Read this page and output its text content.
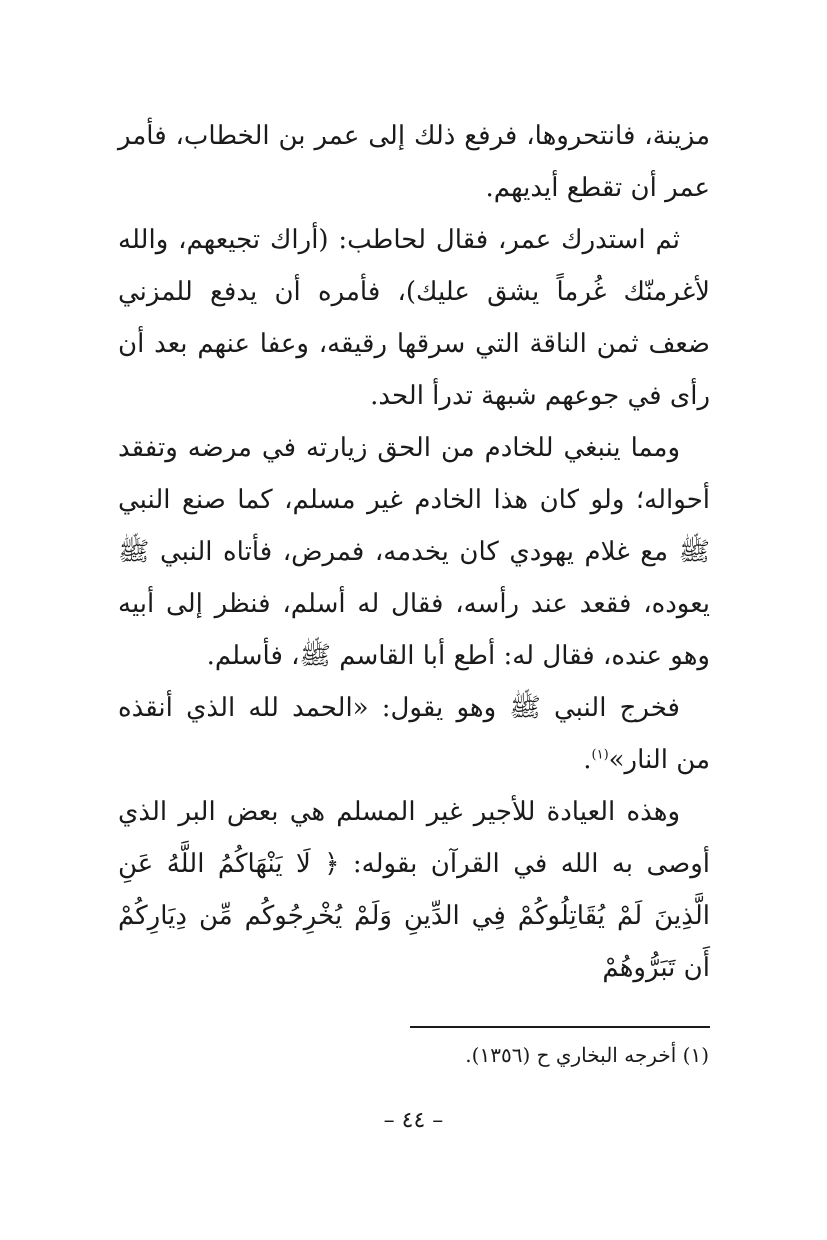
مزينة، فانتحروها، فرفع ذلك إلى عمر بن الخطاب، فأمر عمر أن تقطع أيديهم.

ثم استدرك عمر، فقال لحاطب: (أراك تجيعهم، والله لأغرمنّك غُرماً يشق عليك)، فأمره أن يدفع للمزني ضعف ثمن الناقة التي سرقها رقيقه، وعفا عنهم بعد أن رأى في جوعهم شبهة تدرأ الحد.

ومما ينبغي للخادم من الحق زيارته في مرضه وتفقد أحواله؛ ولو كان هذا الخادم غير مسلم، كما صنع النبي ﷺ مع غلام يهودي كان يخدمه، فمرض، فأتاه النبي ﷺ يعوده، فقعد عند رأسه، فقال له أسلم، فنظر إلى أبيه وهو عنده، فقال له: أطع أبا القاسم ﷺ، فأسلم.

فخرج النبي ﷺ وهو يقول: «الحمد لله الذي أنقذه من النار»$^{(١)}$.

وهذه العيادة للأجير غير المسلم هي بعض البر الذي أوصى به الله في القرآن بقوله: ﴿ لَا يَنْهَاكُمُ اللَّهُ عَنِ الَّذِينَ لَمْ يُقَاتِلُوكُمْ فِي الدِّينِ وَلَمْ يُخْرِجُوكُم مِّن دِيَارِكُمْ أَن تَبَرُّوهُمْ

(١) أخرجه البخاري ح (١٣٥٦).
– ٤٤ –
